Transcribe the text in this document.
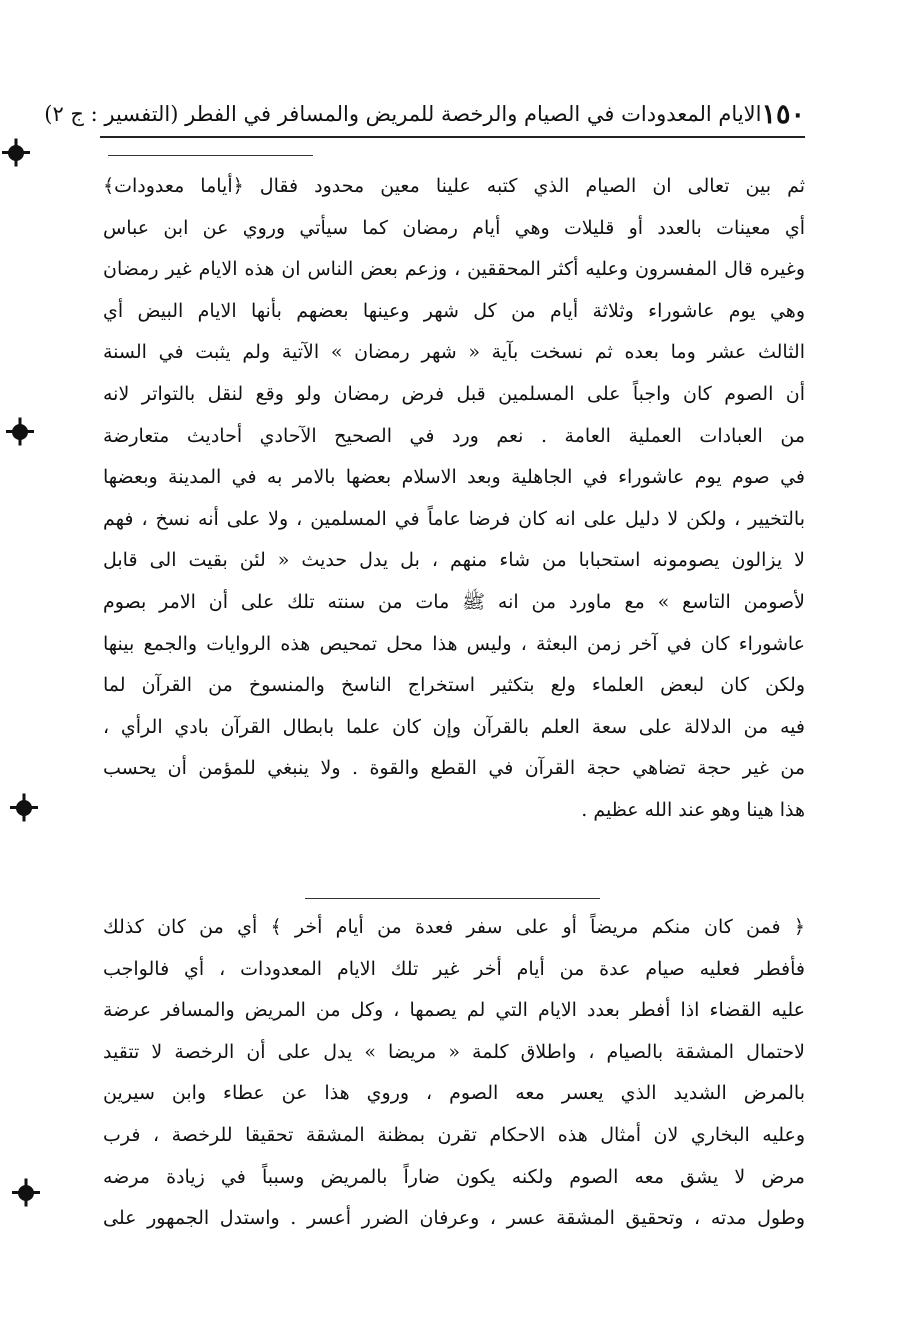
١٥٠
الايام المعدودات في الصيام والرخصة للمريض والمسافر في الفطر (التفسير : ج ٢)

ثم بين تعالى ان الصيام الذي كتبه علينا معين محدود فقال ﴿أياما معدودات﴾
أي معينات بالعدد أو قليلات وهي أيام رمضان كما سيأتي وروي عن ابن عباس
وغيره قال المفسرون وعليه أكثر المحققين ، وزعم بعض الناس ان هذه الايام غير رمضان
وهي يوم عاشوراء وثلاثة أيام من كل شهر وعينها بعضهم بأنها الايام البيض أي
الثالث عشر وما بعده ثم نسخت بآية « شهر رمضان » الآتية ولم يثبت في السنة
أن الصوم كان واجباً على المسلمين قبل فرض رمضان ولو وقع لنقل بالتواتر لانه
من العبادات العملية العامة . نعم ورد في الصحيح الآحادي أحاديث متعارضة
في صوم يوم عاشوراء في الجاهلية وبعد الاسلام بعضها بالامر به في المدينة وبعضها
بالتخيير ، ولكن لا دليل على انه كان فرضا عاماً في المسلمين ، ولا على أنه نسخ ، فهم
لا يزالون يصومونه استحبابا من شاء منهم ، بل يدل حديث « لئن بقيت الى قابل
لأصومن التاسع » مع ماورد من انه ﷺ مات من سنته تلك على أن الامر بصوم
عاشوراء كان في آخر زمن البعثة ، وليس هذا محل تمحيص هذه الروايات والجمع بينها
ولكن كان لبعض العلماء ولع بتكثير استخراج الناسخ والمنسوخ من القرآن لما
فيه من الدلالة على سعة العلم بالقرآن وإن كان علما بابطال القرآن بادي الرأي ،
من غير حجة تضاهي حجة القرآن في القطع والقوة . ولا ينبغي للمؤمن أن يحسب
هذا هينا وهو عند الله عظيم .

﴿ فمن كان منكم مريضاً أو على سفر فعدة من أيام أخر ﴾ أي من كان كذلك
فأفطر فعليه صيام عدة من أيام أخر غير تلك الايام المعدودات ، أي فالواجب
عليه القضاء اذا أفطر بعدد الايام التي لم يصمها ، وكل من المريض والمسافر عرضة
لاحتمال المشقة بالصيام ، واطلاق كلمة « مريضا » يدل على أن الرخصة لا تتقيد
بالمرض الشديد الذي يعسر معه الصوم ، وروي هذا عن عطاء وابن سيرين
وعليه البخاري لان أمثال هذه الاحكام تقرن بمظنة المشقة تحقيقا للرخصة ، فرب
مرض لا يشق معه الصوم ولكنه يكون ضاراً بالمريض وسبباً في زيادة مرضه
وطول مدته ، وتحقيق المشقة عسر ، وعرفان الضرر أعسر . واستدل الجمهور على
